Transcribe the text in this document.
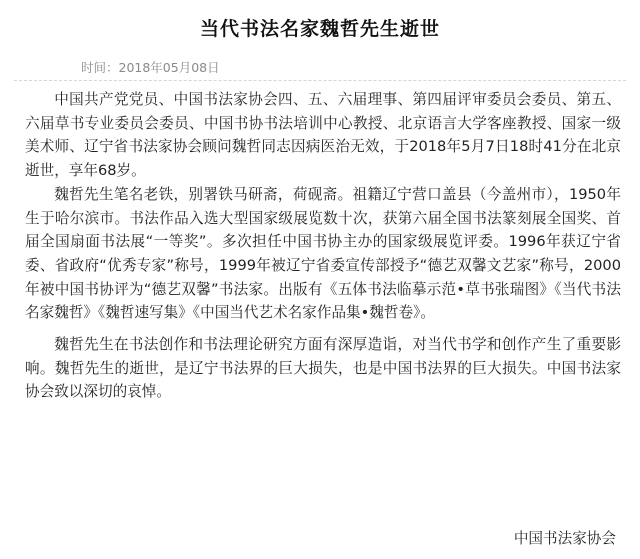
当代书法名家魏哲先生逝世
时间：2018年05月08日

中国共产党党员、中国书法家协会四、五、六届理事、第四届评审委员会委员、第五、六届草书专业委员会委员、中国书协书法培训中心教授、北京语言大学客座教授、国家一级美术师、辽宁省书法家协会顾问魏哲同志因病医治无效，于2018年5月7日18时41分在北京逝世，享年68岁。

魏哲先生笔名老铁，别署铁马研斋，荷砚斋。祖籍辽宁营口盖县（今盖州市），1950年生于哈尔滨市。书法作品入选大型国家级展览数十次，获第六届全国书法篆刻展全国奖、首届全国扇面书法展“一等奖”。多次担任中国书协主办的国家级展览评委。1996年获辽宁省委、省政府“优秀专家”称号，1999年被辽宁省委宣传部授予“德艺双馨文艺家”称号，2000年被中国书协评为“德艺双馨”书法家。出版有《五体书法临摹示范•草书张瑞图》《当代书法名家魏哲》《魏哲速写集》《中国当代艺术名家作品集•魏哲卷》。

魏哲先生在书法创作和书法理论研究方面有深厚造诣，对当代书学和创作产生了重要影响。魏哲先生的逝世，是辽宁书法界的巨大损失，也是中国书法界的巨大损失。中国书法家协会致以深切的哀悼。

中国书法家协会
